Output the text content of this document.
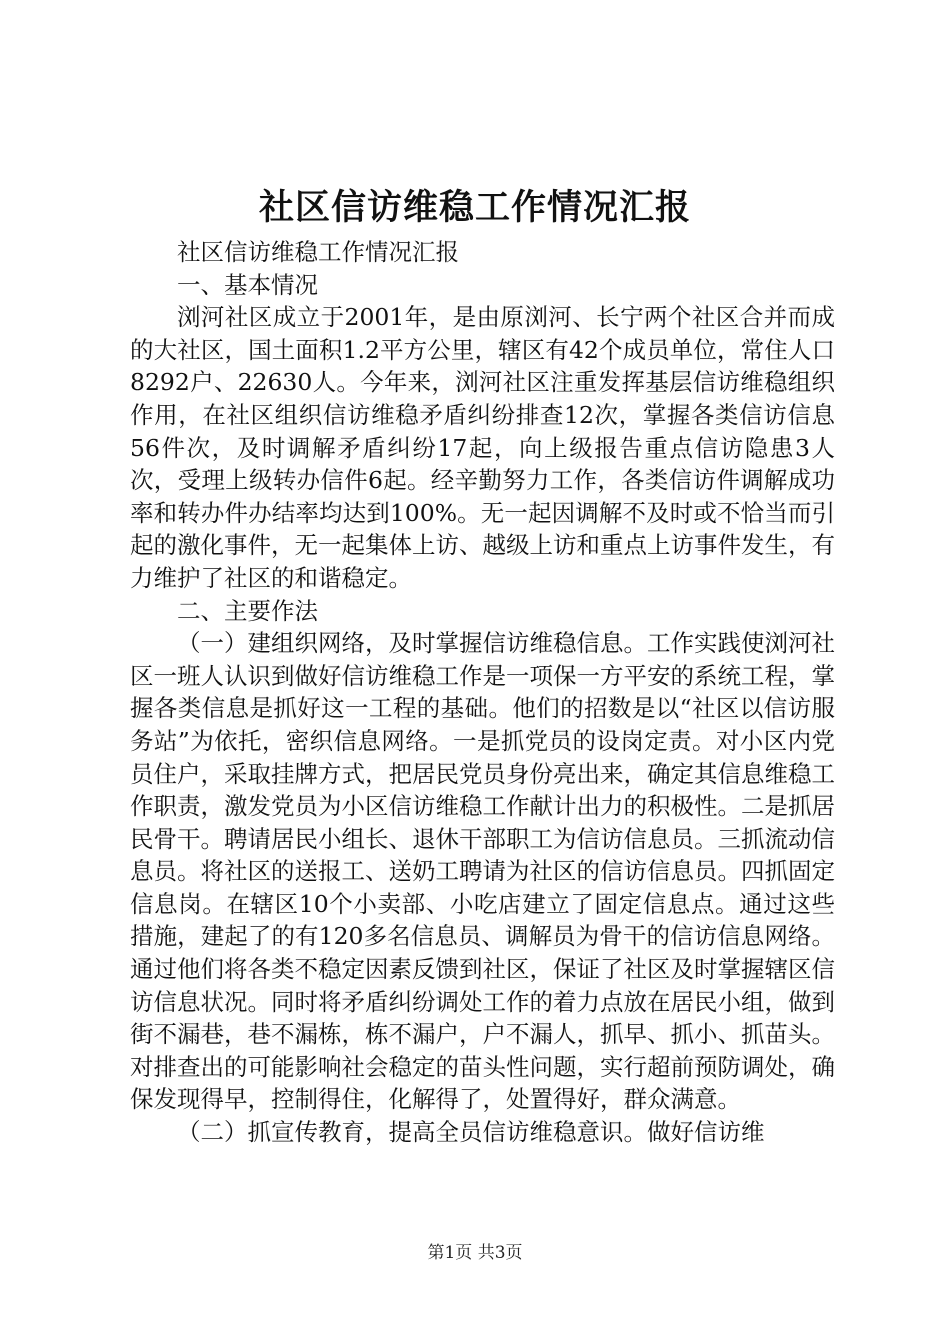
社区信访维稳工作情况汇报

社区信访维稳工作情况汇报

一、基本情况

浏河社区成立于2001年，是由原浏河、长宁两个社区合并而成的大社区，国土面积1.2平方公里，辖区有42个成员单位，常住人口8292户、22630人。今年来，浏河社区注重发挥基层信访维稳组织作用，在社区组织信访维稳矛盾纠纷排查12次，掌握各类信访信息56件次，及时调解矛盾纠纷17起，向上级报告重点信访隐患3人次，受理上级转办信件6起。经辛勤努力工作，各类信访件调解成功率和转办件办结率均达到100%。无一起因调解不及时或不恰当而引起的激化事件，无一起集体上访、越级上访和重点上访事件发生，有力维护了社区的和谐稳定。

二、主要作法

（一）建组织网络，及时掌握信访维稳信息。工作实践使浏河社区一班人认识到做好信访维稳工作是一项保一方平安的系统工程，掌握各类信息是抓好这一工程的基础。他们的招数是以“社区以信访服务站”为依托，密织信息网络。一是抓党员的设岗定责。对小区内党员住户，采取挂牌方式，把居民党员身份亮出来，确定其信息维稳工作职责，激发党员为小区信访维稳工作献计出力的积极性。二是抓居民骨干。聘请居民小组长、退休干部职工为信访信息员。三抓流动信息员。将社区的送报工、送奶工聘请为社区的信访信息员。四抓固定信息岗。在辖区10个小卖部、小吃店建立了固定信息点。通过这些措施，建起了的有120多名信息员、调解员为骨干的信访信息网络。通过他们将各类不稳定因素反馈到社区，保证了社区及时掌握辖区信访信息状况。同时将矛盾纠纷调处工作的着力点放在居民小组，做到街不漏巷，巷不漏栋，栋不漏户，户不漏人，抓早、抓小、抓苗头。对排查出的可能影响社会稳定的苗头性问题，实行超前预防调处，确保发现得早，控制得住，化解得了，处置得好，群众满意。

（二）抓宣传教育，提高全员信访维稳意识。做好信访维

第1页 共3页
